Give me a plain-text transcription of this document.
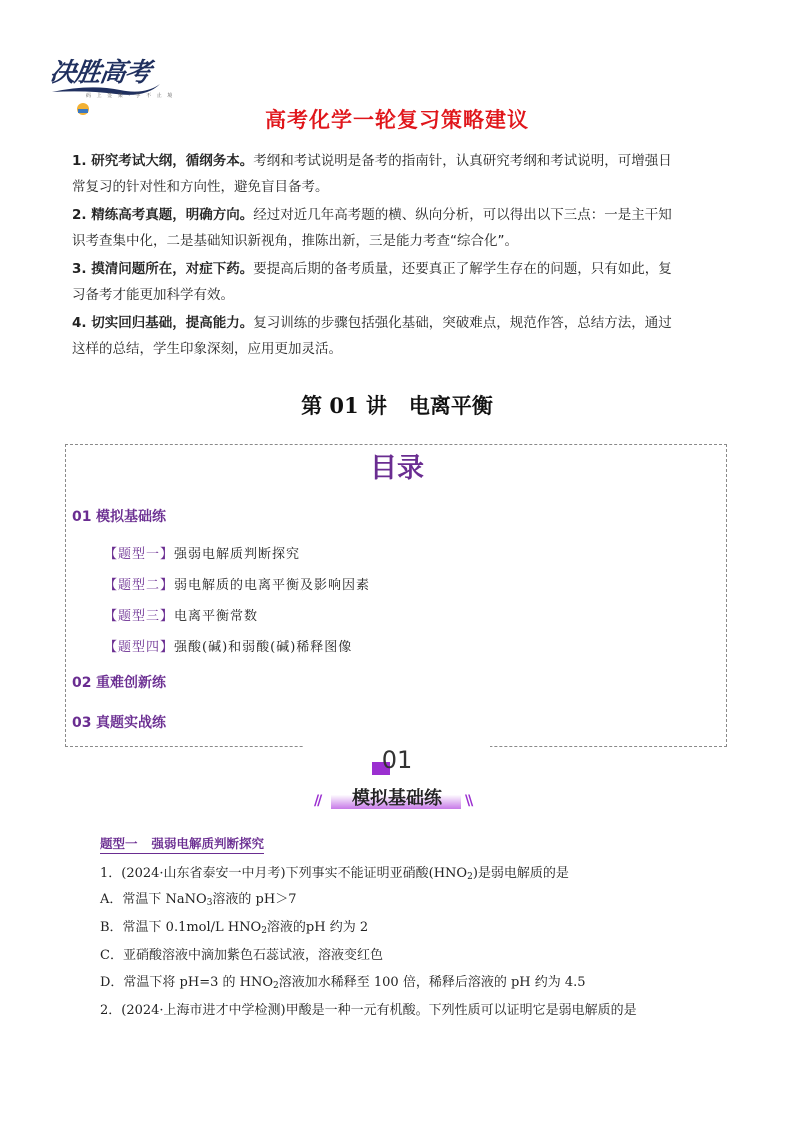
决胜高考
码 上 签 果 · 学 不 止 境
高考化学一轮复习策略建议
1. 研究考试大纲，循纲务本。考纲和考试说明是备考的指南针，认真研究考纲和考试说明，可增强日
常复习的针对性和方向性，避免盲目备考。
2. 精练高考真题，明确方向。经过对近几年高考题的横、纵向分析，可以得出以下三点：一是主干知
识考查集中化，二是基础知识新视角，推陈出新，三是能力考查“综合化”。
3. 摸清问题所在，对症下药。要提高后期的备考质量，还要真正了解学生存在的问题，只有如此，复
习备考才能更加科学有效。
4. 切实回归基础，提高能力。复习训练的步骤包括强化基础，突破难点，规范作答，总结方法，通过
这样的总结，学生印象深刻，应用更加灵活。
第 01 讲 电离平衡
目录
01 模拟基础练
【题型一】强弱电解质判断探究
【题型二】弱电解质的电离平衡及影响因素
【题型三】电离平衡常数
【题型四】强酸(碱)和弱酸(碱)稀释图像
02 重难创新练
03 真题实战练
01
//	\\
模拟基础练
题型一 强弱电解质判断探究
1．(2024·山东省泰安一中月考)下列事实不能证明亚硝酸$(HNO_2)$是弱电解质的是
A．常温下 NaNO$_3$溶液的 pH＞7
B．常温下 0.1mol/L $HNO_2$溶液的pH 约为 2
C．亚硝酸溶液中滴加紫色石蕊试液，溶液变红色
D．常温下将 pH=3 的 $HNO_2$溶液加水稀释至 100 倍，稀释后溶液的 pH 约为 4.5
2．(2024·上海市进才中学检测)甲酸是一种一元有机酸。下列性质可以证明它是弱电解质的是
